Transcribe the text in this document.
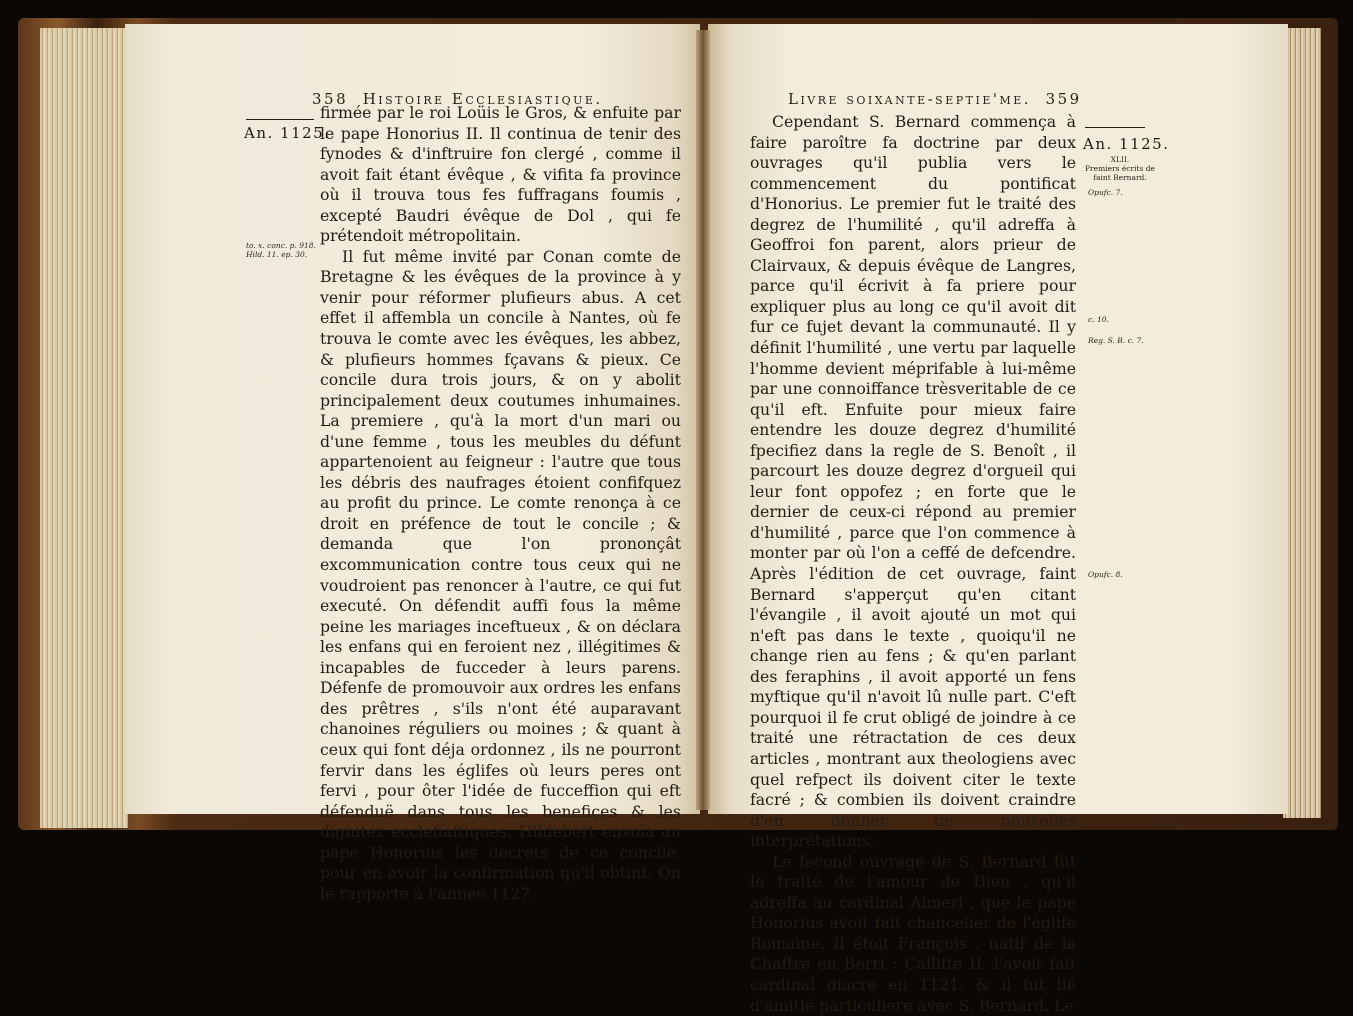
358 Histoire Ecclesiastique.
An. 1125.
to. x. conc. p. 918.
Hild. 11. ep. 30.

firmée par le roi Loüis le Gros, & enfuite par le pape Honorius II. Il continua de tenir des fynodes & d'inftruire fon clergé , comme il avoit fait étant évêque , & vifita fa province où il trouva tous fes fuffragans foumis , excepté Baudri évêque de Dol , qui fe prétendoit métropolitain.

Il fut même invité par Conan comte de Bretagne & les évêques de la province à y venir pour réformer plufieurs abus. A cet effet il affembla un concile à Nantes, où fe trouva le comte avec les évêques, les abbez, & plufieurs hommes fçavans & pieux. Ce concile dura trois jours, & on y abolit principalement deux coutumes inhumaines. La premiere , qu'à la mort d'un mari ou d'une femme , tous les meubles du défunt appartenoient au feigneur : l'autre que tous les débris des naufrages étoient confifquez au profit du prince. Le comte renonça à ce droit en préfence de tout le concile ; & demanda que l'on prononçât excommunication contre tous ceux qui ne voudroient pas renoncer à l'autre, ce qui fut executé. On défendit auffi fous la même peine les mariages inceftueux , & on déclara les enfans qui en feroient nez , illégitimes & incapables de fucceder à leurs parens. Défenfe de promouvoir aux ordres les enfans des prêtres , s'ils n'ont été auparavant chanoines réguliers ou moines ; & quant à ceux qui font déja ordonnez , ils ne pourront fervir dans les églifes où leurs peres ont fervi , pour ôter l'idée de fucceffion qui eft défenduë dans tous les benefices & les dignitez ecclefiaftiques. Hildebert envoïa au pape Honorius les decrets de ce concile, pour en avoir la confirmation qu'il obtint. On le rapporte à l'année 1127.

Livre soixante-septie'me. 359
An. 1125.
XLII.
Premiers écrits de faint Bernard.
Opufc. 7.
c. 10.
Reg. S. B. c. 7.
Opufc. 8.

Cependant S. Bernard commença à faire paroître fa doctrine par deux ouvrages qu'il publia vers le commencement du pontificat d'Honorius. Le premier fut le traité des degrez de l'humilité , qu'il adreffa à Geoffroi fon parent, alors prieur de Clairvaux, & depuis évêque de Langres, parce qu'il écrivit à fa priere pour expliquer plus au long ce qu'il avoit dit fur ce fujet devant la communauté. Il y définit l'humilité , une vertu par laquelle l'homme devient méprifable à lui-même par une connoiffance trèsveritable de ce qu'il eft. Enfuite pour mieux faire entendre les douze degrez d'humilité fpecifiez dans la regle de S. Benoît , il parcourt les douze degrez d'orgueil qui leur font oppofez ; en forte que le dernier de ceux-ci répond au premier d'humilité , parce que l'on commence à monter par où l'on a ceffé de defcendre. Après l'édition de cet ouvrage, faint Bernard s'apperçut qu'en citant l'évangile , il avoit ajouté un mot qui n'eft pas dans le texte , quoiqu'il ne change rien au fens ; & qu'en parlant des feraphins , il avoit apporté un fens myftique qu'il n'avoit lû nulle part. C'eft pourquoi il fe crut obligé de joindre à ce traité une rétractation de ces deux articles , montrant aux theologiens avec quel refpect ils doivent citer le texte facré ; & combien ils doivent craindre d'en donner de nouvelles interprétations.

Le fecond ouvrage de S. Bernard fut le traité de l'amour de Dieu , qu'il adreffa au cardinal Aimeri , que le pape Honorius avoit fait chancelier de l'églife Romaine. Il étoit François , natif de la Chaftre en Berri : Callifte II. l'avoit fait cardinal diacre en 1121. & il fut lié d'amitié particuliere avec S. Bernard. Le
